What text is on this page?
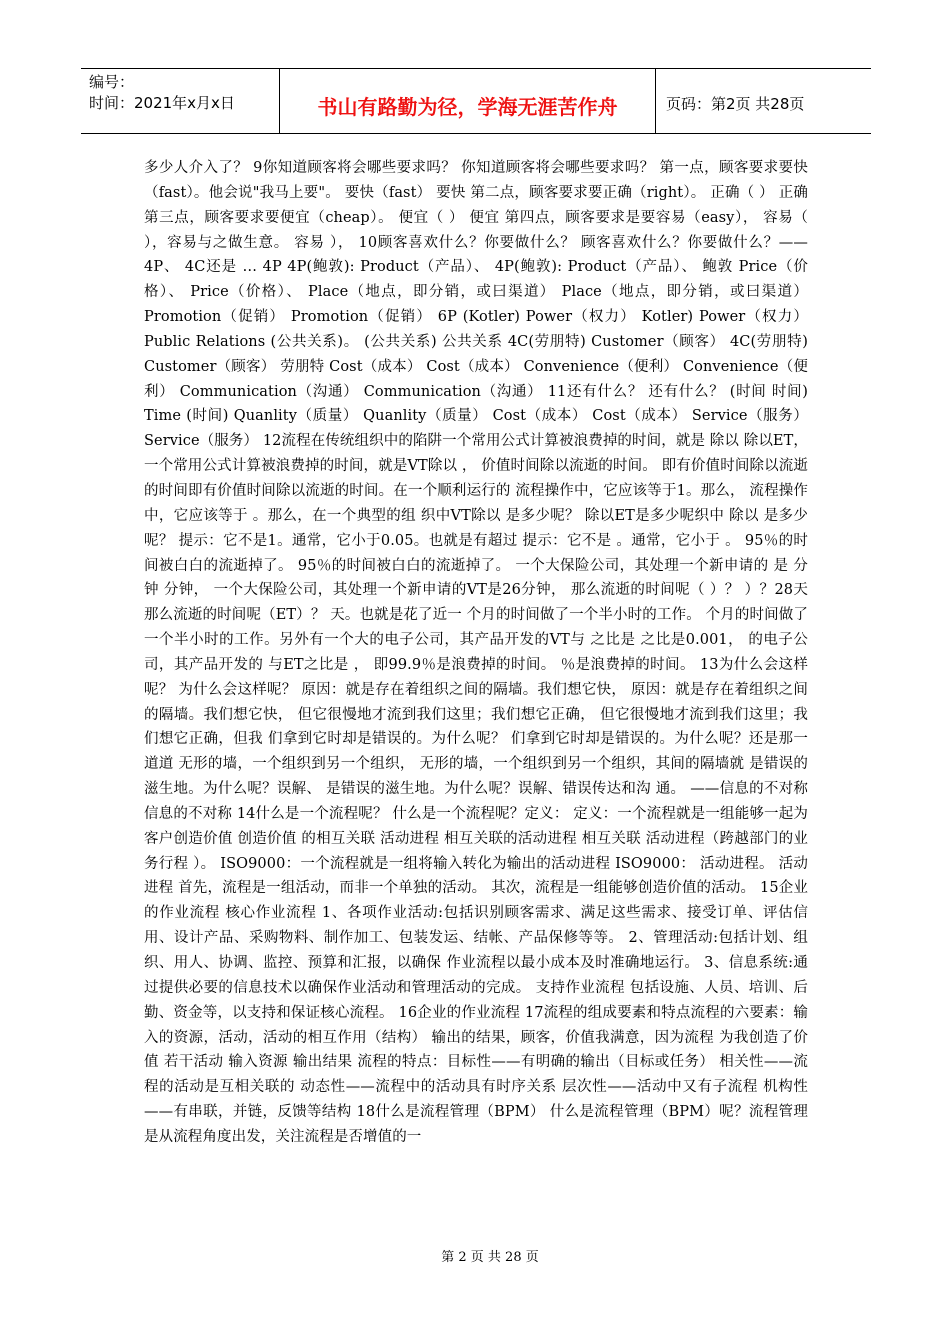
编号：
时间：2021年x月x日	书山有路勤为径，学海无涯苦作舟	页码：第2页 共28页

多少人介入了？ 9你知道顾客将会哪些要求吗？ 你知道顾客将会哪些要求吗？ 第一点，顾客要求要快（fast）。他会说"我马上要"。 要快（fast） 要快 第二点，顾客要求要正确（right）。 正确（ ） 正确 第三点，顾客要求要便宜（cheap）。 便宜（ ） 便宜 第四点，顾客要求是要容易（easy）， 容易（ ），容易与之做生意。 容易 ）， 10顾客喜欢什么？你要做什么？ 顾客喜欢什么？你要做什么？——4P、 4C还是 … 4P 4P(鲍敦): Product（产品）、 4P(鲍敦): Product（产品）、 鲍敦 Price（价格）、 Price（价格）、 Place（地点，即分销，或曰渠道） Place（地点，即分销，或曰渠道） Promotion（促销） Promotion（促销） 6P (Kotler) Power（权力） Kotler) Power（权力） Public Relations (公共关系)。 (公共关系) 公共关系 4C(劳朋特) Customer（顾客） 4C(劳朋特) Customer（顾客） 劳朋特 Cost（成本） Cost（成本） Convenience（便利） Convenience（便利） Communication（沟通） Communication（沟通） 11还有什么？ 还有什么？ (时间 时间) Time (时间) Quanlity（质量） Quanlity（质量） Cost（成本） Cost（成本） Service（服务） Service（服务） 12流程在传统组织中的陷阱一个常用公式计算被浪费掉的时间，就是 除以 除以ET， 一个常用公式计算被浪费掉的时间，就是VT除以 ， 价值时间除以流逝的时间。 即有价值时间除以流逝的时间即有价值时间除以流逝的时间。在一个顺利运行的 流程操作中，它应该等于1。那么， 流程操作中，它应该等于 。那么，在一个典型的组 织中VT除以 是多少呢？ 除以ET是多少呢织中 除以 是多少呢？ 提示：它不是1。通常，它小于0.05。也就是有超过 提示：它不是 。通常，它小于 。 95％的时间被白白的流逝掉了。 95％的时间被白白的流逝掉了。 一个大保险公司，其处理一个新申请的 是 分钟 分钟， 一个大保险公司，其处理一个新申请的VT是26分钟， 那么流逝的时间呢（ ）？ ）？28天 那么流逝的时间呢（ET）？ 天。也就是花了近一 个月的时间做了一个半小时的工作。 个月的时间做了一个半小时的工作。另外有一个大的电子公司，其产品开发的VT与 之比是 之比是0.001， 的电子公司，其产品开发的 与ET之比是 ， 即99.9％是浪费掉的时间。 ％是浪费掉的时间。 13为什么会这样呢？ 为什么会这样呢？ 原因：就是存在着组织之间的隔墙。我们想它快， 原因：就是存在着组织之间的隔墙。我们想它快， 但它很慢地才流到我们这里；我们想它正确， 但它很慢地才流到我们这里；我们想它正确，但我 们拿到它时却是错误的。为什么呢？ 们拿到它时却是错误的。为什么呢？还是那一道道 无形的墙，一个组织到另一个组织， 无形的墙，一个组织到另一个组织，其间的隔墙就 是错误的滋生地。为什么呢？误解、 是错误的滋生地。为什么呢？误解、错误传达和沟 通。 ——信息的不对称 信息的不对称 14什么是一个流程呢？ 什么是一个流程呢？定义： 定义：一个流程就是一组能够一起为客户创造价值 创造价值 的相互关联 活动进程 相互关联的活动进程 相互关联 活动进程（跨越部门的业务行程 ）。 ISO9000：一个流程就是一组将输入转化为输出的活动进程 ISO9000： 活动进程。 活动进程 首先，流程是一组活动，而非一个单独的活动。 其次，流程是一组能够创造价值的活动。 15企业的作业流程 核心作业流程 1、各项作业活动:包括识别顾客需求、满足这些需求、接受订单、评估信 用、设计产品、采购物料、制作加工、包装发运、结帐、产品保修等等。 2、管理活动:包括计划、组织、用人、协调、监控、预算和汇报，以确保 作业流程以最小成本及时准确地运行。 3、信息系统:通过提供必要的信息技术以确保作业活动和管理活动的完成。 支持作业流程 包括设施、人员、培训、后勤、资金等，以支持和保证核心流程。 16企业的作业流程 17流程的组成要素和特点流程的六要素：输入的资源，活动，活动的相互作用（结构） 输出的结果，顾客，价值我满意，因为流程 为我创造了价值 若干活动 输入资源 输出结果 流程的特点：目标性——有明确的输出（目标或任务） 相关性——流程的活动是互相关联的 动态性——流程中的活动具有时序关系 层次性——活动中又有子流程 机构性——有串联，并链，反馈等结构 18什么是流程管理（BPM） 什么是流程管理（BPM）呢？流程管理是从流程角度出发，关注流程是否增值的一

第 2 页 共 28 页
